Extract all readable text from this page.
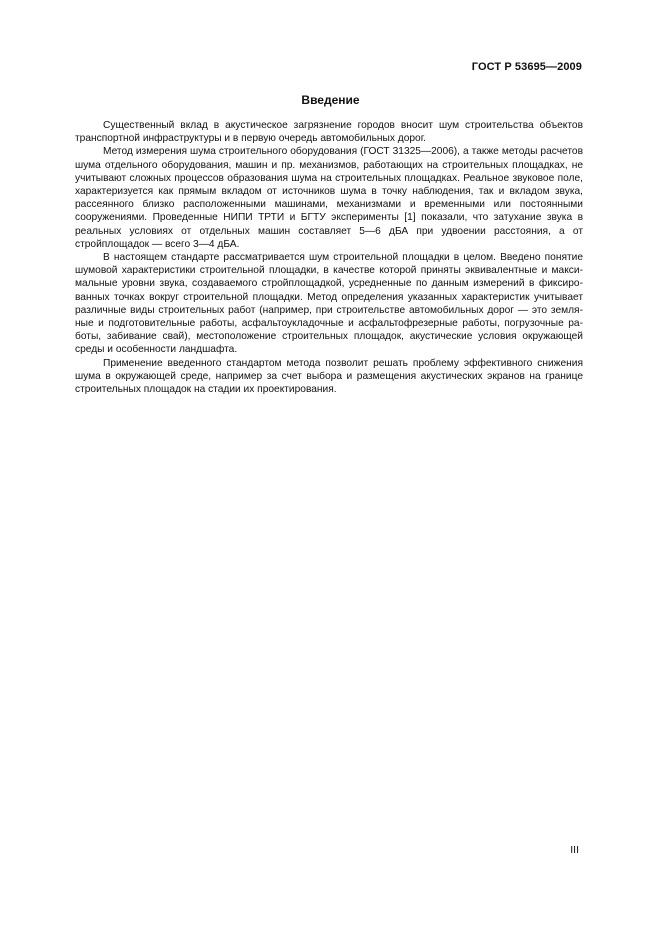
ГОСТ Р 53695—2009
Введение

Существенный вклад в акустическое загрязнение городов вносит шум строительства объектов транспортной инфраструктуры и в первую очередь автомобильных дорог.

Метод измерения шума строительного оборудования (ГОСТ 31325—2006), а также методы расчетов шума отдельного оборудования, машин и пр. механизмов, работающих на строительных площадках, не учитывают сложных процессов образования шума на строительных площадках. Реальное звуковое поле, характеризуется как прямым вкладом от источников шума в точку наблюдения, так и вкладом звука, рассеянного близко расположенными машинами, механизмами и временными или постоянными сооружениями. Проведенные НИПИ ТРТИ и БГТУ эксперименты [1] показали, что затухание звука в реальных условиях от отдельных машин составляет 5—6 дБА при удвоении расстояния, а от стройплощадок — всего 3—4 дБА.

В настоящем стандарте рассматривается шум строительной площадки в целом. Введено понятие шумовой характеристики строительной площадки, в качестве которой приняты эквивалентные и максимальные уровни звука, создаваемого стройплощадкой, усредненные по данным измерений в фиксированных точках вокруг строительной площадки. Метод определения указанных характеристик учитывает различные виды строительных работ (например, при строительстве автомобильных дорог — это земляные и подготовительные работы, асфальтоукладочные и асфальтофрезерные работы, погрузочные работы, забивание свай), местоположение строительных площадок, акустические условия окружающей среды и особенности ландшафта.

Применение введенного стандартом метода позволит решать проблему эффективного снижения шума в окружающей среде, например за счет выбора и размещения акустических экранов на границе строительных площадок на стадии их проектирования.

III
